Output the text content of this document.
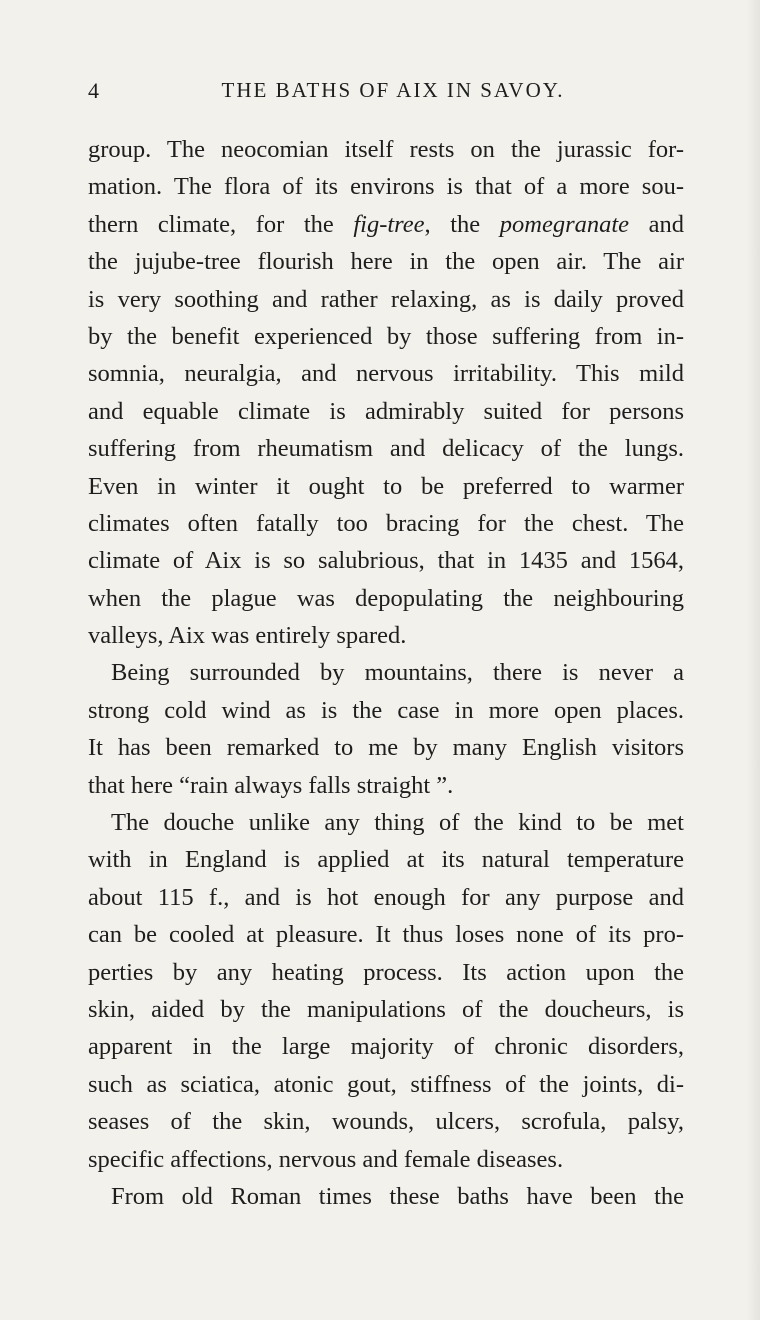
4	THE BATHS OF AIX IN SAVOY.
group. The neocomian itself rests on the jurassic for-
mation. The flora of its environs is that of a more sou-
thern climate, for the fig-tree, the pomegranate and
the jujube-tree flourish here in the open air. The air
is very soothing and rather relaxing, as is daily proved
by the benefit experienced by those suffering from in-
somnia, neuralgia, and nervous irritability. This mild
and equable climate is admirably suited for persons
suffering from rheumatism and delicacy of the lungs.
Even in winter it ought to be preferred to warmer
climates often fatally too bracing for the chest. The
climate of Aix is so salubrious, that in 1435 and 1564,
when the plague was depopulating the neighbouring
valleys, Aix was entirely spared.
Being surrounded by mountains, there is never a
strong cold wind as is the case in more open places.
It has been remarked to me by many English visitors
that here “rain always falls straight ”.
The douche unlike any thing of the kind to be met
with in England is applied at its natural temperature
about 115 f., and is hot enough for any purpose and
can be cooled at pleasure. It thus loses none of its pro-
perties by any heating process. Its action upon the
skin, aided by the manipulations of the doucheurs, is
apparent in the large majority of chronic disorders,
such as sciatica, atonic gout, stiffness of the joints, di-
seases of the skin, wounds, ulcers, scrofula, palsy,
specific affections, nervous and female diseases.
From old Roman times these baths have been the
